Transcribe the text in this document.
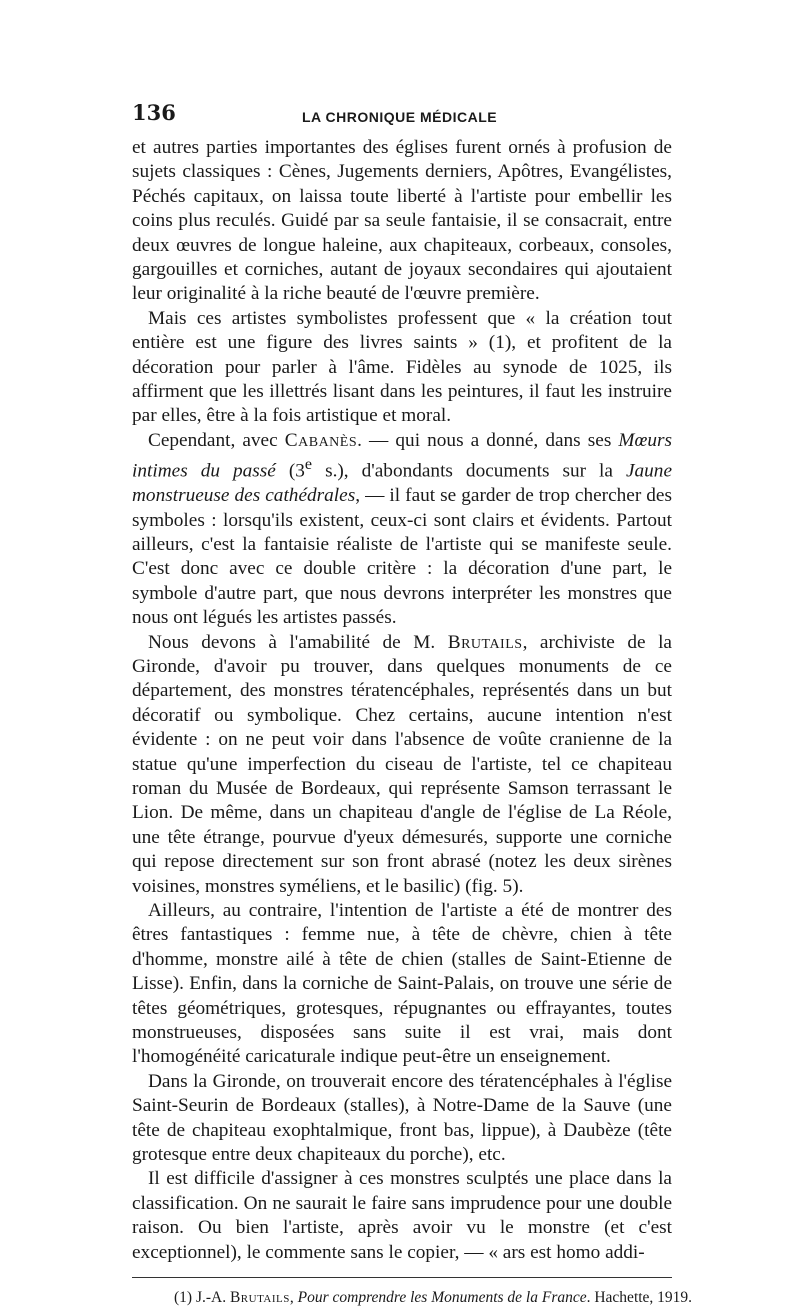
136	LA CHRONIQUE MÉDICALE

et autres parties importantes des églises furent ornés à profusion de sujets classiques : Cènes, Jugements derniers, Apôtres, Evangélistes, Péchés capitaux, on laissa toute liberté à l'artiste pour embellir les coins plus reculés. Guidé par sa seule fantaisie, il se consacrait, entre deux œuvres de longue haleine, aux chapiteaux, corbeaux, consoles, gargouilles et corniches, autant de joyaux secondaires qui ajoutaient leur originalité à la riche beauté de l'œuvre première.

Mais ces artistes symbolistes professent que « la création tout entière est une figure des livres saints » (1), et profitent de la décoration pour parler à l'âme. Fidèles au synode de 1025, ils affirment que les illettrés lisant dans les peintures, il faut les instruire par elles, être à la fois artistique et moral.

Cependant, avec Cabanès. — qui nous a donné, dans ses Mœurs intimes du passé (3e s.), d'abondants documents sur la Jaune monstrueuse des cathédrales, — il faut se garder de trop chercher des symboles : lorsqu'ils existent, ceux-ci sont clairs et évidents. Partout ailleurs, c'est la fantaisie réaliste de l'artiste qui se manifeste seule. C'est donc avec ce double critère : la décoration d'une part, le symbole d'autre part, que nous devrons interpréter les monstres que nous ont légués les artistes passés.

Nous devons à l'amabilité de M. Brutails, archiviste de la Gironde, d'avoir pu trouver, dans quelques monuments de ce département, des monstres tératencéphales, représentés dans un but décoratif ou symbolique. Chez certains, aucune intention n'est évidente : on ne peut voir dans l'absence de voûte cranienne de la statue qu'une imperfection du ciseau de l'artiste, tel ce chapiteau roman du Musée de Bordeaux, qui représente Samson terrassant le Lion. De même, dans un chapiteau d'angle de l'église de La Réole, une tête étrange, pourvue d'yeux démesurés, supporte une corniche qui repose directement sur son front abrasé (notez les deux sirènes voisines, monstres syméliens, et le basilic) (fig. 5).

Ailleurs, au contraire, l'intention de l'artiste a été de montrer des êtres fantastiques : femme nue, à tête de chèvre, chien à tête d'homme, monstre ailé à tête de chien (stalles de Saint-Etienne de Lisse). Enfin, dans la corniche de Saint-Palais, on trouve une série de têtes géométriques, grotesques, répugnantes ou effrayantes, toutes monstrueuses, disposées sans suite il est vrai, mais dont l'homogénéité caricaturale indique peut-être un enseignement.

Dans la Gironde, on trouverait encore des tératencéphales à l'église Saint-Seurin de Bordeaux (stalles), à Notre-Dame de la Sauve (une tête de chapiteau exophtalmique, front bas, lippue), à Daubèze (tête grotesque entre deux chapiteaux du porche), etc.

Il est difficile d'assigner à ces monstres sculptés une place dans la classification. On ne saurait le faire sans imprudence pour une double raison. Ou bien l'artiste, après avoir vu le monstre (et c'est exceptionnel), le commente sans le copier, — « ars est homo addi-

(1) J.-A. Brutails, Pour comprendre les Monuments de la France. Hachette, 1919.
